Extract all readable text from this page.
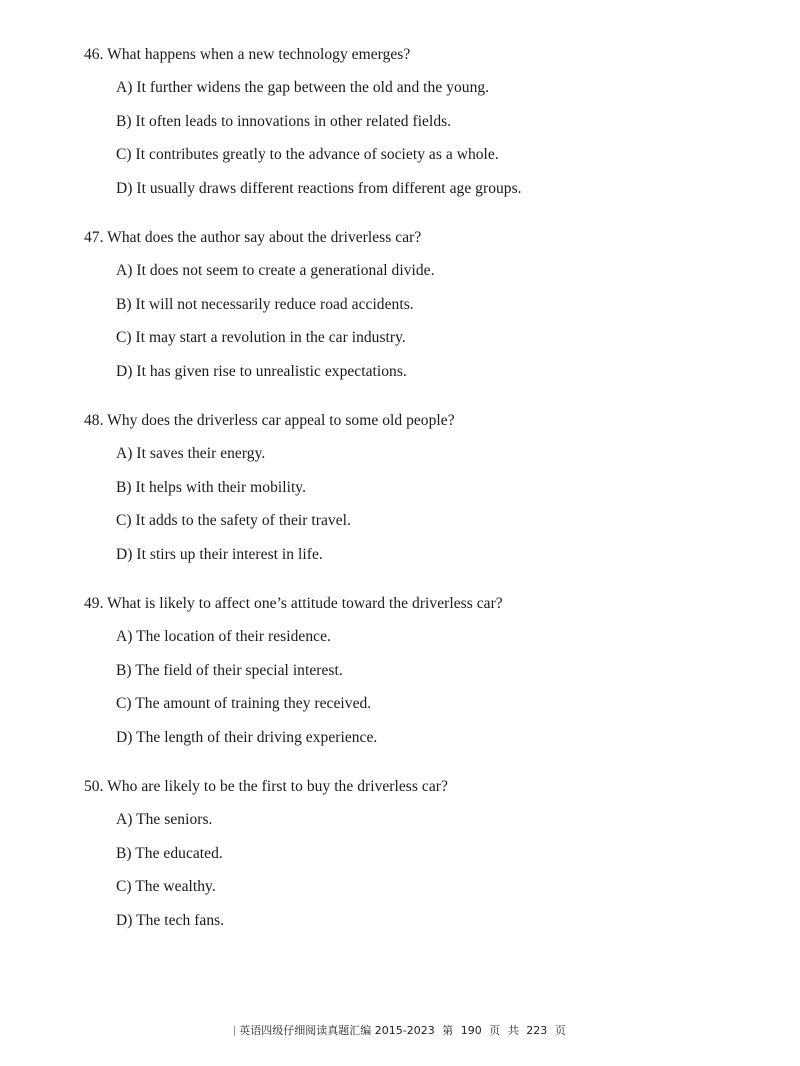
46. What happens when a new technology emerges?
A) It further widens the gap between the old and the young.
B) It often leads to innovations in other related fields.
C) It contributes greatly to the advance of society as a whole.
D) It usually draws different reactions from different age groups.
47. What does the author say about the driverless car?
A) It does not seem to create a generational divide.
B) It will not necessarily reduce road accidents.
C) It may start a revolution in the car industry.
D) It has given rise to unrealistic expectations.
48. Why does the driverless car appeal to some old people?
A) It saves their energy.
B) It helps with their mobility.
C) It adds to the safety of their travel.
D) It stirs up their interest in life.
49. What is likely to affect one’s attitude toward the driverless car?
A) The location of their residence.
B) The field of their special interest.
C) The amount of training they received.
D) The length of their driving experience.
50. Who are likely to be the first to buy the driverless car?
A) The seniors.
B) The educated.
C) The wealthy.
D) The tech fans.
英语四级仔细阅读真题汇编 2015-2023 第 190 页 共 223 页
